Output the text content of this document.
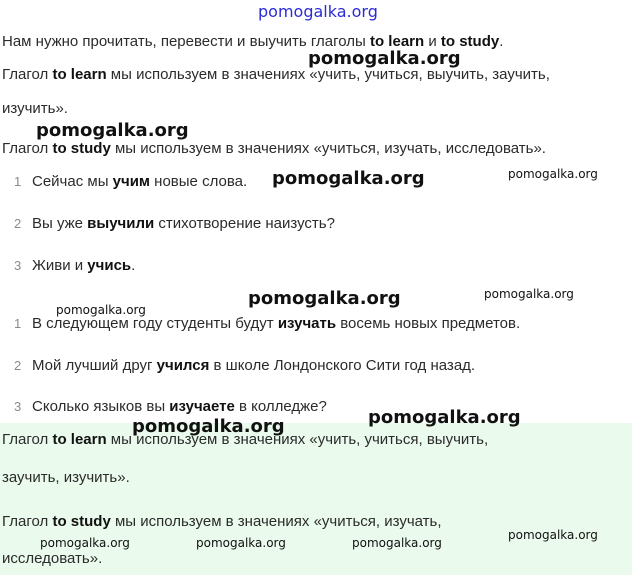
Нам нужно прочитать, перевести и выучить глаголы to learn и to study.
Глагол to learn мы используем в значениях «учить, учиться, выучить, заучить,
изучить».
Глагол to study мы используем в значениях «учиться, изучать, исследовать».
1 Сейчас мы учим новые слова.
2 Вы уже выучили стихотворение наизусть?
3 Живи и учись.
1 В следующем году студенты будут изучать восемь новых предметов.
2 Мой лучший друг учился в школе Лондонского Сити год назад.
3 Сколько языков вы изучаете в колледже?
Глагол to learn мы используем в значениях «учить, учиться, выучить,
заучить, изучить».
Глагол to study мы используем в значениях «учиться, изучать,
исследовать».
pomogalka.org
pomogalka.org
pomogalka.org
pomogalka.org	pomogalka.org
pomogalka.org
pomogalka.org
pomogalka.org
pomogalka.org
pomogalka.org
pomogalka.org
pomogalka.org	pomogalka.org	pomogalka.org
